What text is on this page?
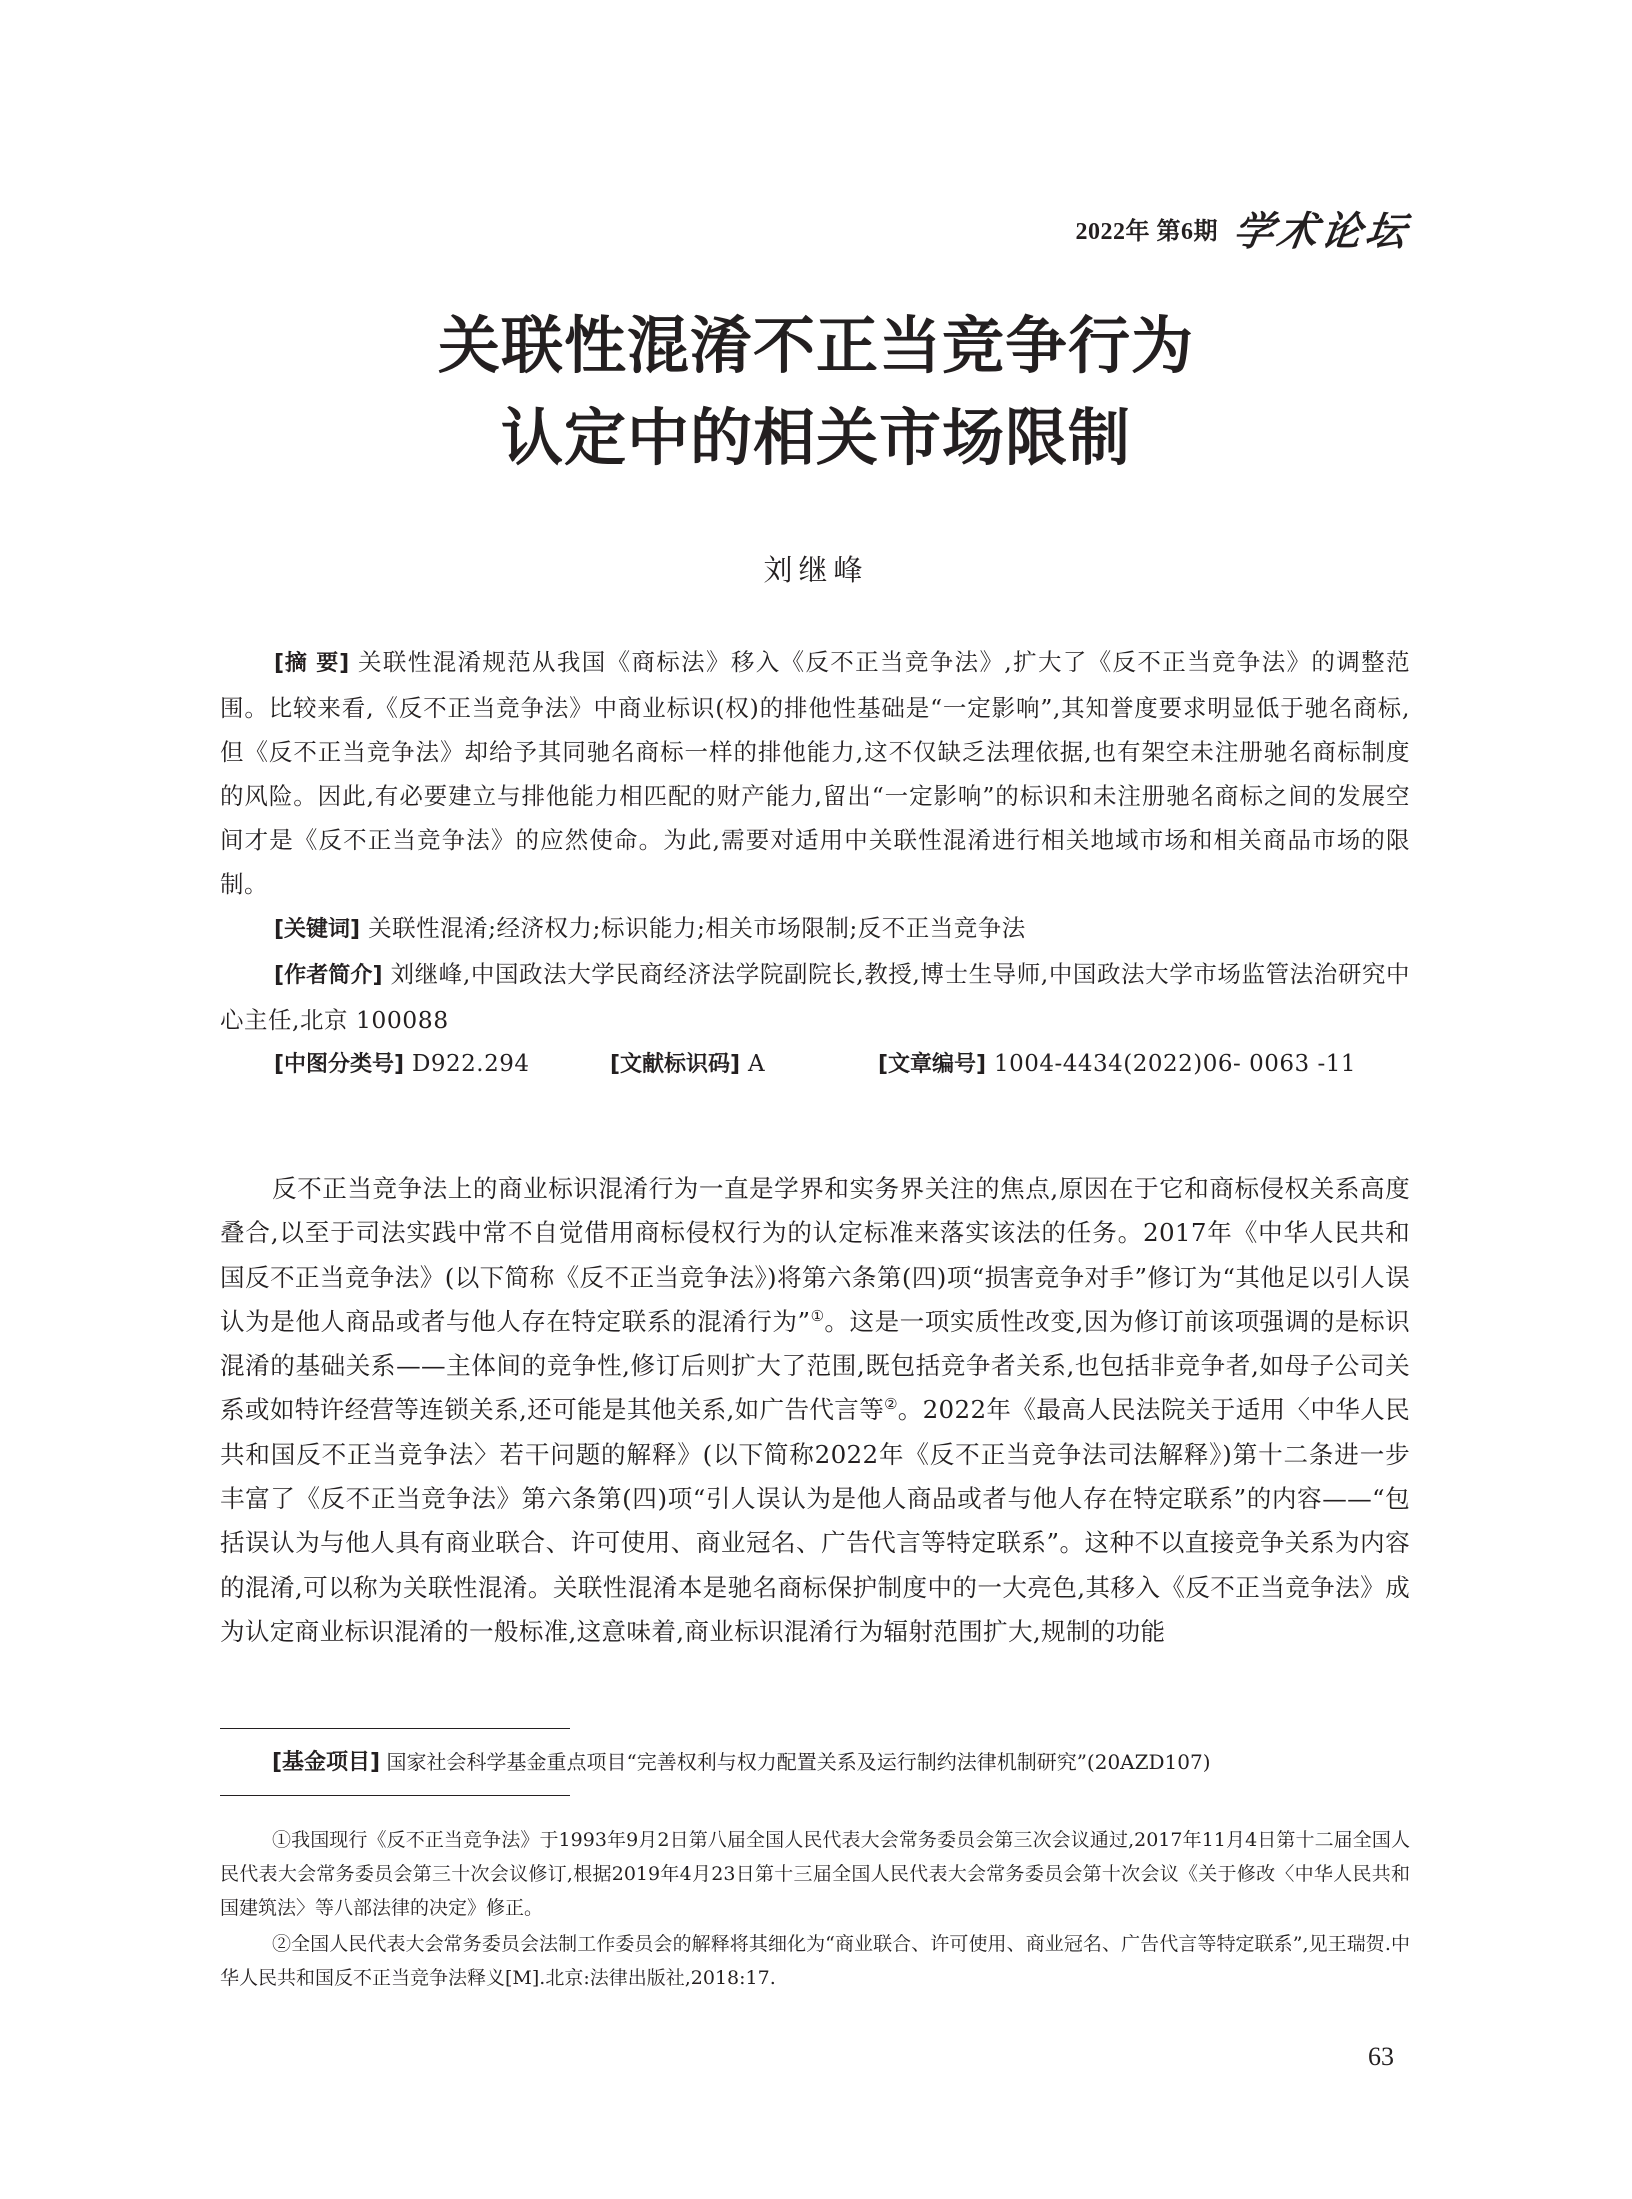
2022年 第6期 学术论坛
关联性混淆不正当竞争行为
认定中的相关市场限制
刘继峰

[摘 要] 关联性混淆规范从我国《商标法》移入《反不正当竞争法》,扩大了《反不正当竞争法》的调整范围。比较来看,《反不正当竞争法》中商业标识(权)的排他性基础是“一定影响”,其知誉度要求明显低于驰名商标,但《反不正当竞争法》却给予其同驰名商标一样的排他能力,这不仅缺乏法理依据,也有架空未注册驰名商标制度的风险。因此,有必要建立与排他能力相匹配的财产能力,留出“一定影响”的标识和未注册驰名商标之间的发展空间才是《反不正当竞争法》的应然使命。为此,需要对适用中关联性混淆进行相关地域市场和相关商品市场的限制。

[关键词] 关联性混淆;经济权力;标识能力;相关市场限制;反不正当竞争法

[作者简介] 刘继峰,中国政法大学民商经济法学院副院长,教授,博士生导师,中国政法大学市场监管法治研究中心主任,北京 100088

[中图分类号] D922.294	[文献标识码] A	[文章编号] 1004-4434(2022)06- 0063 -11

反不正当竞争法上的商业标识混淆行为一直是学界和实务界关注的焦点,原因在于它和商标侵权关系高度叠合,以至于司法实践中常不自觉借用商标侵权行为的认定标准来落实该法的任务。2017年《中华人民共和国反不正当竞争法》(以下简称《反不正当竞争法》)将第六条第(四)项“损害竞争对手”修订为“其他足以引人误认为是他人商品或者与他人存在特定联系的混淆行为”①。这是一项实质性改变,因为修订前该项强调的是标识混淆的基础关系——主体间的竞争性,修订后则扩大了范围,既包括竞争者关系,也包括非竞争者,如母子公司关系或如特许经营等连锁关系,还可能是其他关系,如广告代言等②。2022年《最高人民法院关于适用〈中华人民共和国反不正当竞争法〉若干问题的解释》(以下简称2022年《反不正当竞争法司法解释》)第十二条进一步丰富了《反不正当竞争法》第六条第(四)项“引人误认为是他人商品或者与他人存在特定联系”的内容——“包括误认为与他人具有商业联合、许可使用、商业冠名、广告代言等特定联系”。这种不以直接竞争关系为内容的混淆,可以称为关联性混淆。关联性混淆本是驰名商标保护制度中的一大亮色,其移入《反不正当竞争法》成为认定商业标识混淆的一般标准,这意味着,商业标识混淆行为辐射范围扩大,规制的功能

[基金项目] 国家社会科学基金重点项目“完善权利与权力配置关系及运行制约法律机制研究”(20AZD107)

①我国现行《反不正当竞争法》于1993年9月2日第八届全国人民代表大会常务委员会第三次会议通过,2017年11月4日第十二届全国人民代表大会常务委员会第三十次会议修订,根据2019年4月23日第十三届全国人民代表大会常务委员会第十次会议《关于修改〈中华人民共和国建筑法〉等八部法律的决定》修正。

②全国人民代表大会常务委员会法制工作委员会的解释将其细化为“商业联合、许可使用、商业冠名、广告代言等特定联系”,见王瑞贺.中华人民共和国反不正当竞争法释义[M].北京:法律出版社,2018:17.

63
